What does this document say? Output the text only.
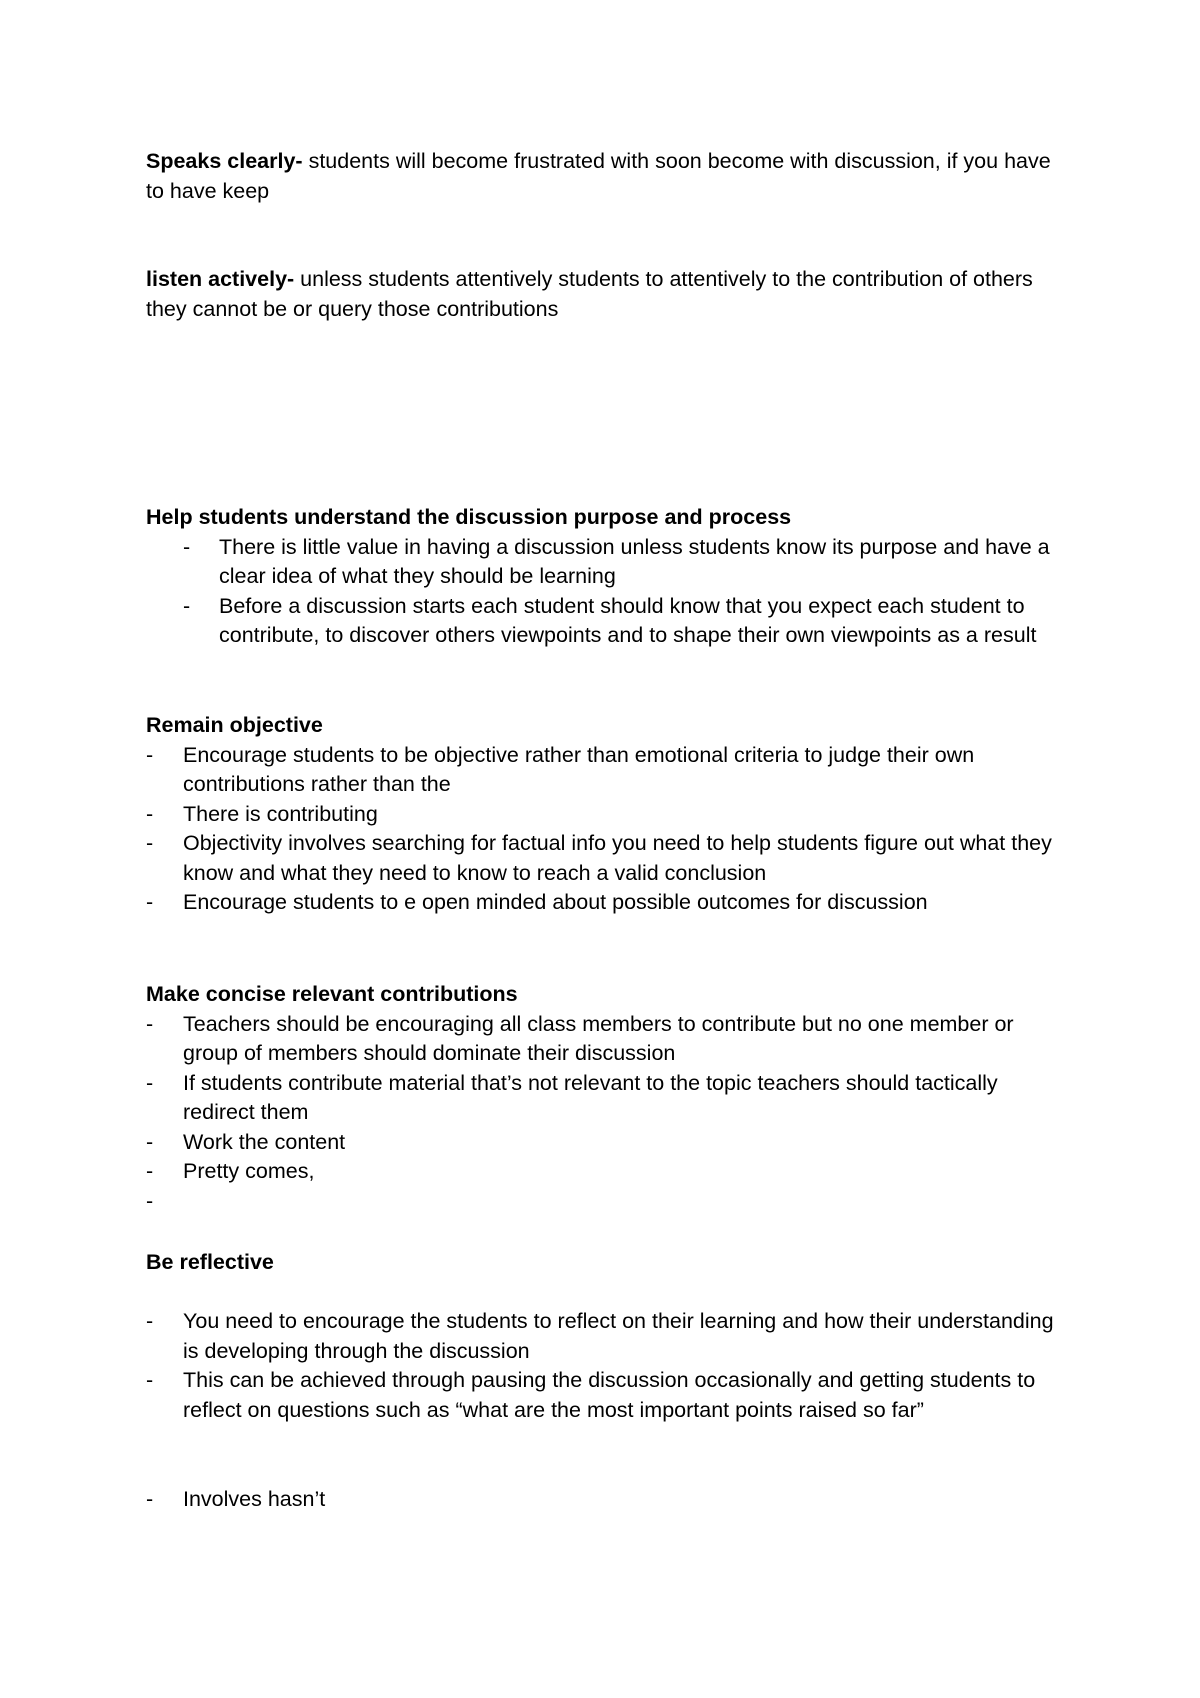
Speaks clearly- students will become frustrated with soon become with discussion, if you have to have keep

listen actively- unless students attentively students to attentively to the contribution of others they cannot be or query those contributions

Help students understand the discussion purpose and process

- There is little value in having a discussion unless students know its purpose and have a clear idea of what they should be learning
- Before a discussion starts each student should know that you expect each student to contribute, to discover others viewpoints and to shape their own viewpoints as a result

Remain objective

- Encourage students to be objective rather than emotional criteria to judge their own contributions rather than the
- There is contributing
- Objectivity involves searching for factual info you need to help students figure out what they know and what they need to know to reach a valid conclusion
- Encourage students to e open minded about possible outcomes for discussion

Make concise relevant contributions

- Teachers should be encouraging all class members to contribute but no one member or group of members should dominate their discussion
- If students contribute material that’s not relevant to the topic teachers should tactically redirect them
- Work the content
- Pretty comes,
-

Be reflective

- You need to encourage the students to reflect on their learning and how their understanding is developing through the discussion
- This can be achieved through pausing the discussion occasionally and getting students to reflect on questions such as “what are the most important points raised so far”
- Involves hasn’t
